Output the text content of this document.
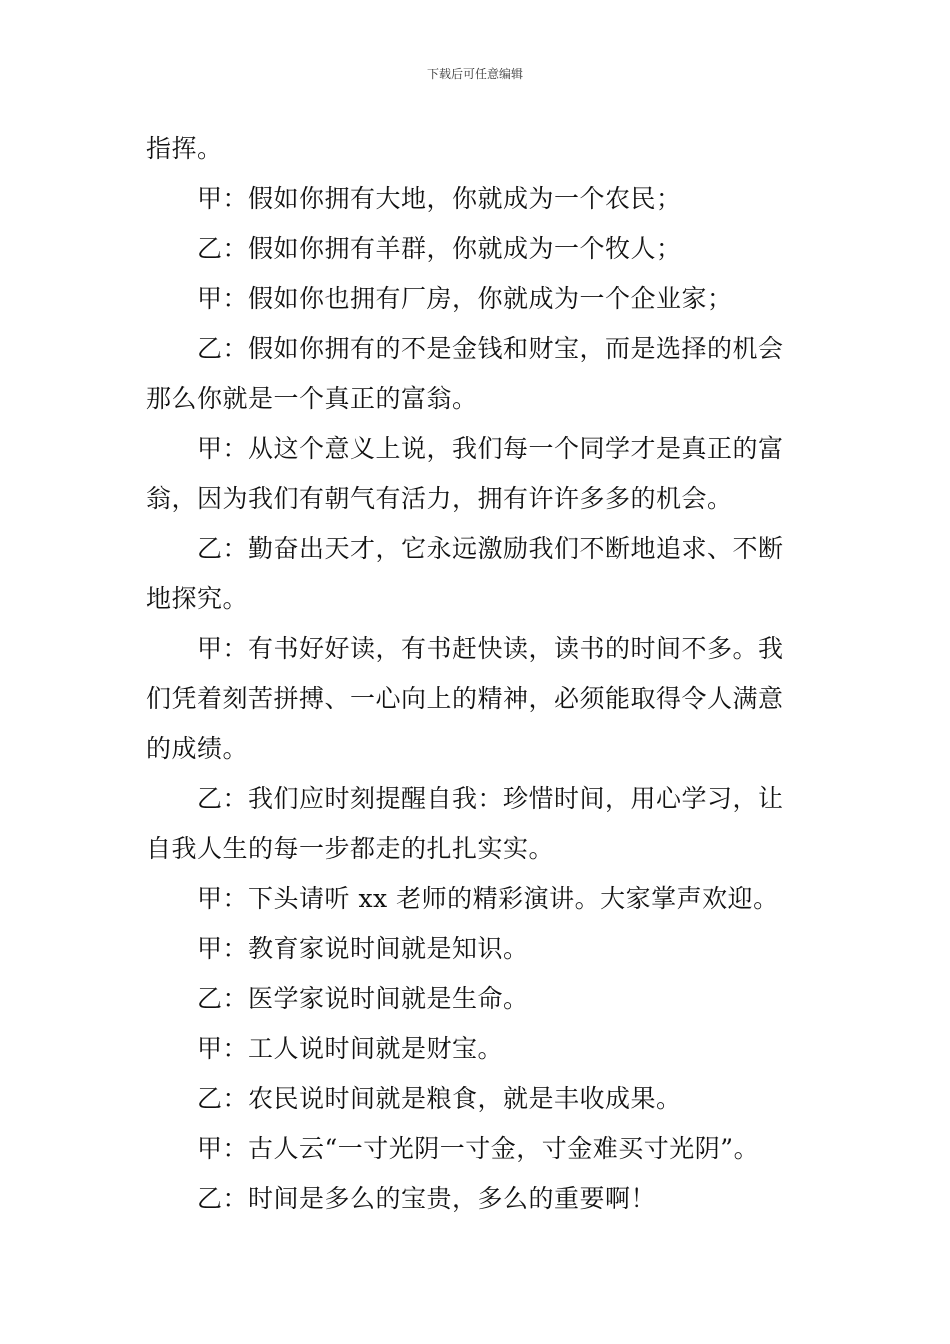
下载后可任意编辑

指挥。

甲：假如你拥有大地，你就成为一个农民；

乙：假如你拥有羊群，你就成为一个牧人；

甲：假如你也拥有厂房，你就成为一个企业家；

乙：假如你拥有的不是金钱和财宝，而是选择的机会那么你就是一个真正的富翁。

甲：从这个意义上说，我们每一个同学才是真正的富翁，因为我们有朝气有活力，拥有许许多多的机会。

乙：勤奋出天才，它永远激励我们不断地追求、不断地探究。

甲：有书好好读，有书赶快读，读书的时间不多。我们凭着刻苦拼搏、一心向上的精神，必须能取得令人满意的成绩。

乙：我们应时刻提醒自我：珍惜时间，用心学习，让自我人生的每一步都走的扎扎实实。

甲：下头请听 xx 老师的精彩演讲。大家掌声欢迎。

甲：教育家说时间就是知识。

乙：医学家说时间就是生命。

甲：工人说时间就是财宝。

乙：农民说时间就是粮食，就是丰收成果。

甲：古人云“一寸光阴一寸金，寸金难买寸光阴”。

乙：时间是多么的宝贵，多么的重要啊！
